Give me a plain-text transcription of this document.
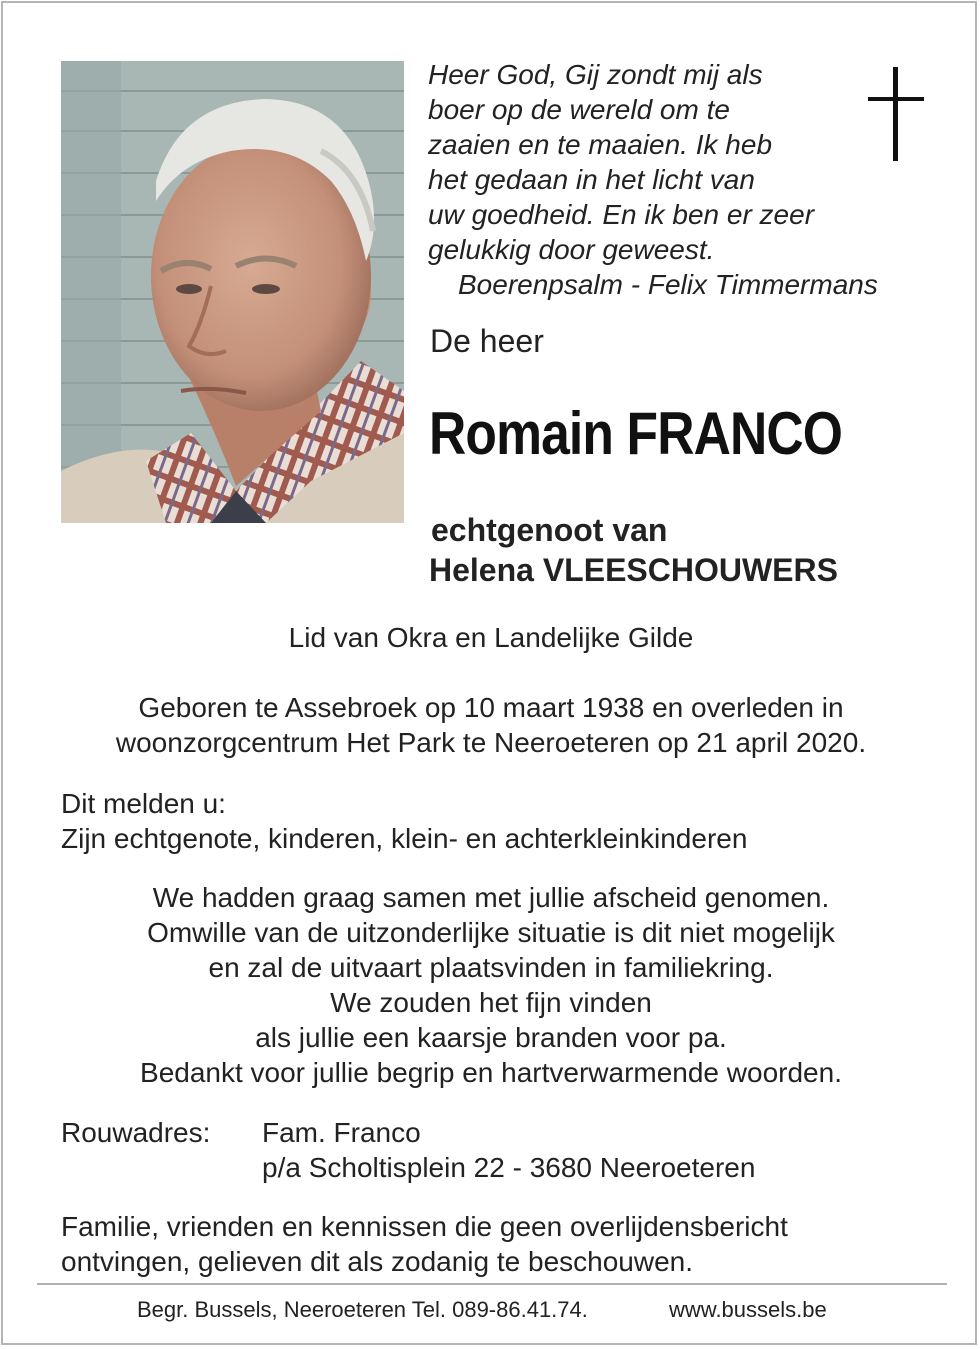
Heer God, Gij zondt mij als
boer op de wereld om te
zaaien en te maaien. Ik heb
het gedaan in het licht van
uw goedheid. En ik ben er zeer
gelukkig door geweest.
Boerenpsalm - Felix Timmermans
De heer
Romain FRANCO
echtgenoot van
Helena VLEESCHOUWERS
Lid van Okra en Landelijke Gilde
Geboren te Assebroek op 10 maart 1938 en overleden in
woonzorgcentrum Het Park te Neeroeteren op 21 april 2020.
Dit melden u:
Zijn echtgenote, kinderen, klein- en achterkleinkinderen
We hadden graag samen met jullie afscheid genomen.
Omwille van de uitzonderlijke situatie is dit niet mogelijk
en zal de uitvaart plaatsvinden in familiekring.
We zouden het fijn vinden
als jullie een kaarsje branden voor pa.
Bedankt voor jullie begrip en hartverwarmende woorden.
Rouwadres: Fam. Franco
p/a Scholtisplein 22 - 3680 Neeroeteren
Familie, vrienden en kennissen die geen overlijdensbericht
ontvingen, gelieven dit als zodanig te beschouwen.
Begr. Bussels, Neeroeteren Tel. 089-86.41.74.	www.bussels.be
